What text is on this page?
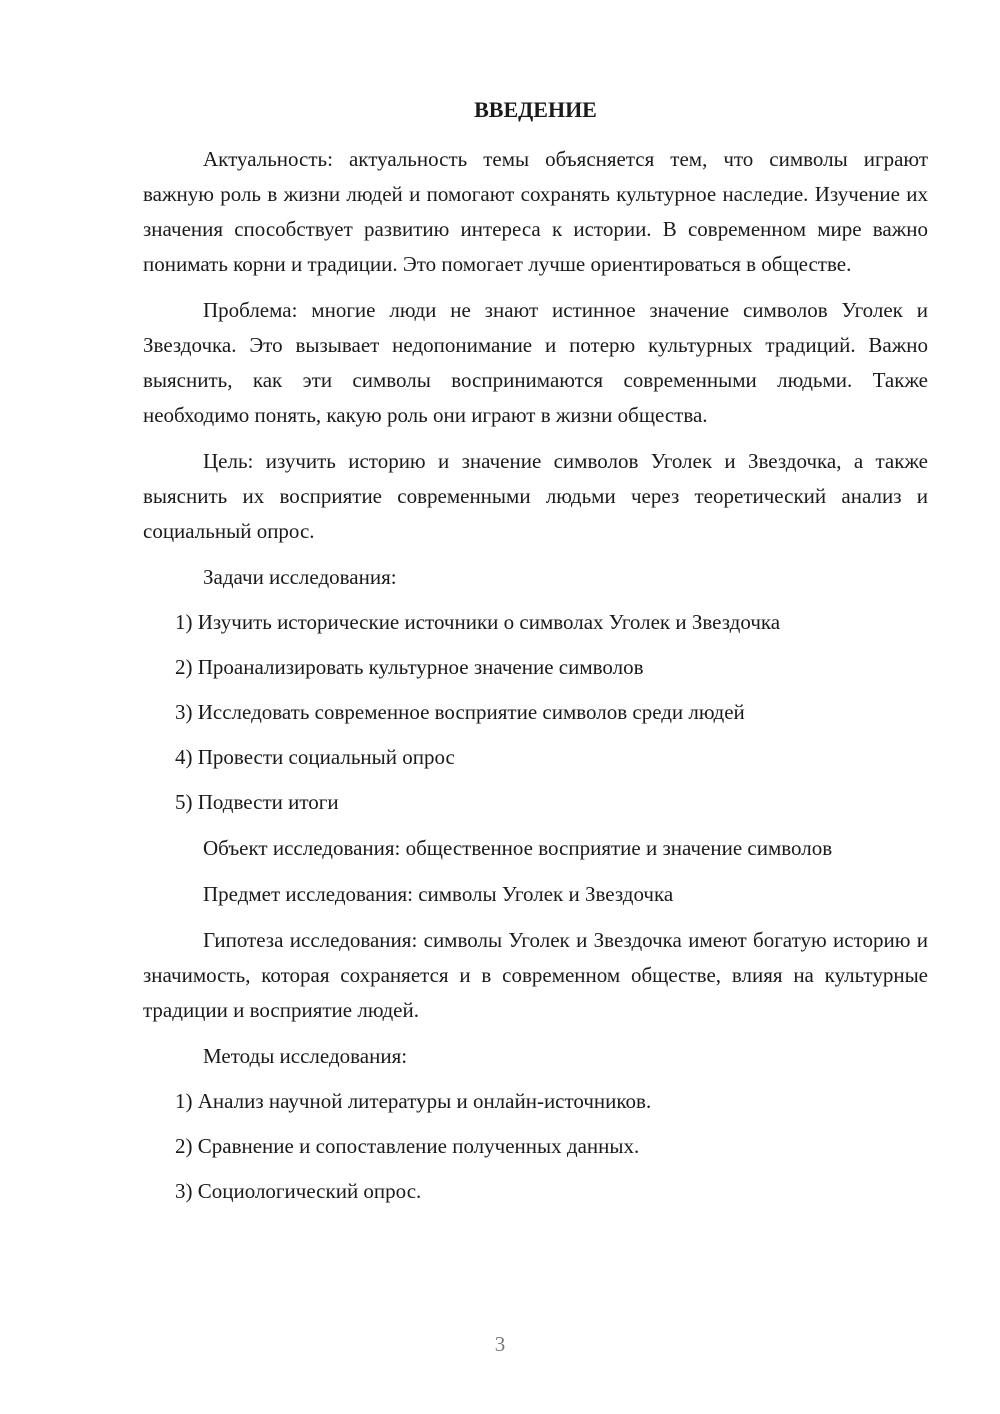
ВВЕДЕНИЕ

Актуальность: актуальность темы объясняется тем, что символы играют важную роль в жизни людей и помогают сохранять культурное наследие. Изучение их значения способствует развитию интереса к истории. В современном мире важно понимать корни и традиции. Это помогает лучше ориентироваться в обществе.

Проблема: многие люди не знают истинное значение символов Уголек и Звездочка. Это вызывает недопонимание и потерю культурных традиций. Важно выяснить, как эти символы воспринимаются современными людьми. Также необходимо понять, какую роль они играют в жизни общества.

Цель: изучить историю и значение символов Уголек и Звездочка, а также выяснить их восприятие современными людьми через теоретический анализ и социальный опрос.

Задачи исследования:

1) Изучить исторические источники о символах Уголек и Звездочка
2) Проанализировать культурное значение символов
3) Исследовать современное восприятие символов среди людей
4) Провести социальный опрос
5) Подвести итоги

Объект исследования: общественное восприятие и значение символов

Предмет исследования: символы Уголек и Звездочка

Гипотеза исследования: символы Уголек и Звездочка имеют богатую историю и значимость, которая сохраняется и в современном обществе, влияя на культурные традиции и восприятие людей.

Методы исследования:

1) Анализ научной литературы и онлайн-источников.
2) Сравнение и сопоставление полученных данных.
3) Социологический опрос.
3
